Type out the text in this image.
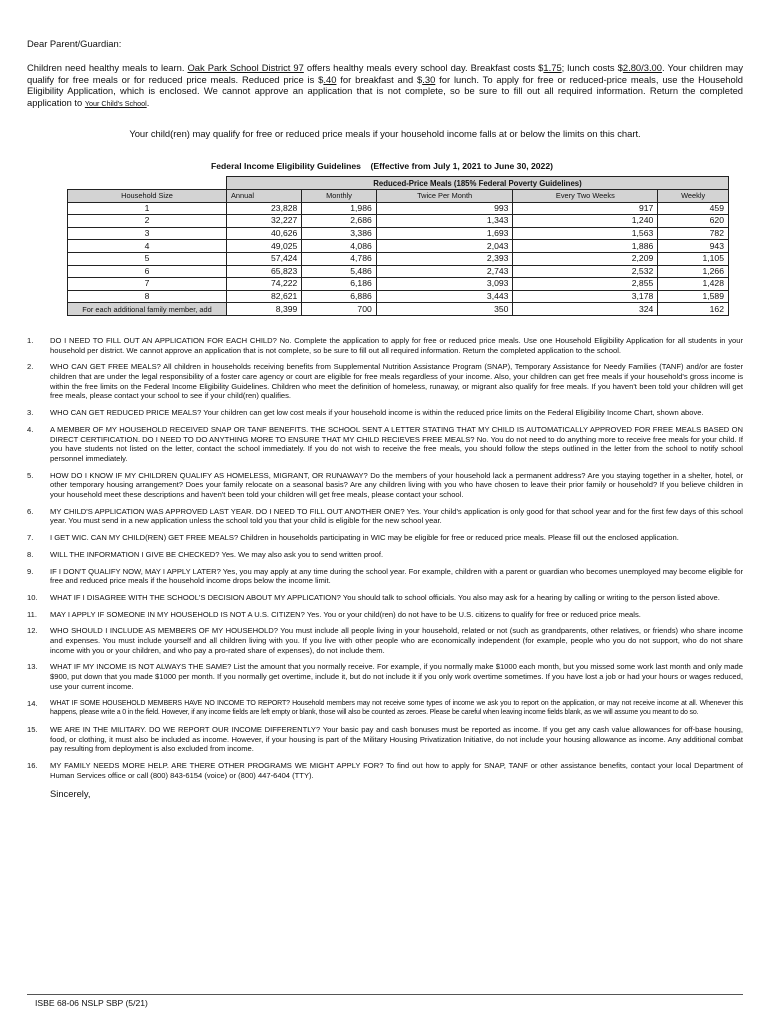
Dear Parent/Guardian:
Children need healthy meals to learn. Oak Park School District 97 offers healthy meals every school day. Breakfast costs $1.75; lunch costs $2.80/3.00. Your children may qualify for free meals or for reduced price meals. Reduced price is $.40 for breakfast and $.30 for lunch. To apply for free or reduced-price meals, use the Household Eligibility Application, which is enclosed. We cannot approve an application that is not complete, so be sure to fill out all required information. Return the completed application to Your Child's School.
Your child(ren) may qualify for free or reduced price meals if your household income falls at or below the limits on this chart.
Federal Income Eligibility Guidelines    (Effective from July 1, 2021 to June 30, 2022)
	Reduced-Price Meals (185% Federal Poverty Guidelines)				
Household Size	Annual	Monthly	Twice Per Month	Every Two Weeks	Weekly
1	23,828	1,986	993	917	459
2	32,227	2,686	1,343	1,240	620
3	40,626	3,386	1,693	1,563	782
4	49,025	4,086	2,043	1,886	943
5	57,424	4,786	2,393	2,209	1,105
6	65,823	5,486	2,743	2,532	1,266
7	74,222	6,186	3,093	2,855	1,428
8	82,621	6,886	3,443	3,178	1,589
For each additional family member, add	8,399	700	350	324	162
1.	DO I NEED TO FILL OUT AN APPLICATION FOR EACH CHILD? No. Complete the application to apply for free or reduced price meals. Use one Household Eligibility Application for all students in your household per district. We cannot approve an application that is not complete, so be sure to fill out all required information. Return the completed application to the school.
2.	WHO CAN GET FREE MEALS? All children in households receiving benefits from Supplemental Nutrition Assistance Program (SNAP), Temporary Assistance for Needy Families (TANF) and/or are foster children that are under the legal responsibility of a foster care agency or court are eligible for free meals regardless of your income. Also, your children can get free meals if your household's gross income is within the free limits on the Federal Income Eligibility Guidelines. Children who meet the definition of homeless, runaway, or migrant also qualify for free meals. If you haven't been told your children will get free meals, please contact your school to see if your child(ren) qualifies.
3.	WHO CAN GET REDUCED PRICE MEALS? Your children can get low cost meals if your household income is within the reduced price limits on the Federal Eligibility Income Chart, shown above.
4.	A MEMBER OF MY HOUSEHOLD RECEIVED SNAP OR TANF BENEFITS. THE SCHOOL SENT A LETTER STATING THAT MY CHILD IS AUTOMATICALLY APPROVED FOR FREE MEALS BASED ON DIRECT CERTIFICATION. DO I NEED TO DO ANYTHING MORE TO ENSURE THAT MY CHILD RECIEVES FREE MEALS? No. You do not need to do anything more to receive free meals for your child. If you have students not listed on the letter, contact the school immediately. If you do not wish to receive the free meals, you should follow the steps outlined in the letter from the school to notify school personnel immediately.
5.	HOW DO I KNOW IF MY CHILDREN QUALIFY AS HOMELESS, MIGRANT, OR RUNAWAY? Do the members of your household lack a permanent address? Are you staying together in a shelter, hotel, or other temporary housing arrangement? Does your family relocate on a seasonal basis? Are any children living with you who have chosen to leave their prior family or household? If you believe children in your household meet these descriptions and haven't been told your children will get free meals, please contact your school.
6.	MY CHILD'S APPLICATION WAS APPROVED LAST YEAR. DO I NEED TO FILL OUT ANOTHER ONE? Yes. Your child's application is only good for that school year and for the first few days of this school year. You must send in a new application unless the school told you that your child is eligible for the new school year.
7.	I GET WIC. CAN MY CHILD(REN) GET FREE MEALS? Children in households participating in WIC may be eligible for free or reduced price meals. Please fill out the enclosed application.
8.	WILL THE INFORMATION I GIVE BE CHECKED? Yes. We may also ask you to send written proof.
9.	IF I DON'T QUALIFY NOW, MAY I APPLY LATER? Yes, you may apply at any time during the school year. For example, children with a parent or guardian who becomes unemployed may become eligible for free and reduced price meals if the household income drops below the income limit.
10.	WHAT IF I DISAGREE WITH THE SCHOOL'S DECISION ABOUT MY APPLICATION? You should talk to school officials. You also may ask for a hearing by calling or writing to the person listed above.
11.	MAY I APPLY IF SOMEONE IN MY HOUSEHOLD IS NOT A U.S. CITIZEN? Yes. You or your child(ren) do not have to be U.S. citizens to qualify for free or reduced price meals.
12.	WHO SHOULD I INCLUDE AS MEMBERS OF MY HOUSEHOLD? You must include all people living in your household, related or not (such as grandparents, other relatives, or friends) who share income and expenses. You must include yourself and all children living with you. If you live with other people who are economically independent (for example, people who you do not support, who do not share income with you or your children, and who pay a pro-rated share of expenses), do not include them.
13.	WHAT IF MY INCOME IS NOT ALWAYS THE SAME? List the amount that you normally receive. For example, if you normally make $1000 each month, but you missed some work last month and only made $900, put down that you made $1000 per month. If you normally get overtime, include it, but do not include it if you only work overtime sometimes. If you have lost a job or had your hours or wages reduced, use your current income.
14.	WHAT IF SOME HOUSEHOLD MEMBERS HAVE NO INCOME TO REPORT? Household members may not receive some types of income we ask you to report on the application, or may not receive income at all. Whenever this happens, please write a 0 in the field. However, if any income fields are left empty or blank, those will also be counted as zeroes. Please be careful when leaving income fields blank, as we will assume you meant to do so.
15.	WE ARE IN THE MILITARY. DO WE REPORT OUR INCOME DIFFERENTLY? Your basic pay and cash bonuses must be reported as income. If you get any cash value allowances for off-base housing, food, or clothing, it must also be included as income. However, if your housing is part of the Military Housing Privatization Initiative, do not include your housing allowance as income. Any additional combat pay resulting from deployment is also excluded from income.
16.	MY FAMILY NEEDS MORE HELP. ARE THERE OTHER PROGRAMS WE MIGHT APPLY FOR? To find out how to apply for SNAP, TANF or other assistance benefits, contact your local Department of Human Services office or call (800) 843-6154 (voice) or (800) 447-6404 (TTY).
Sincerely,
ISBE 68-06 NSLP SBP (5/21)
